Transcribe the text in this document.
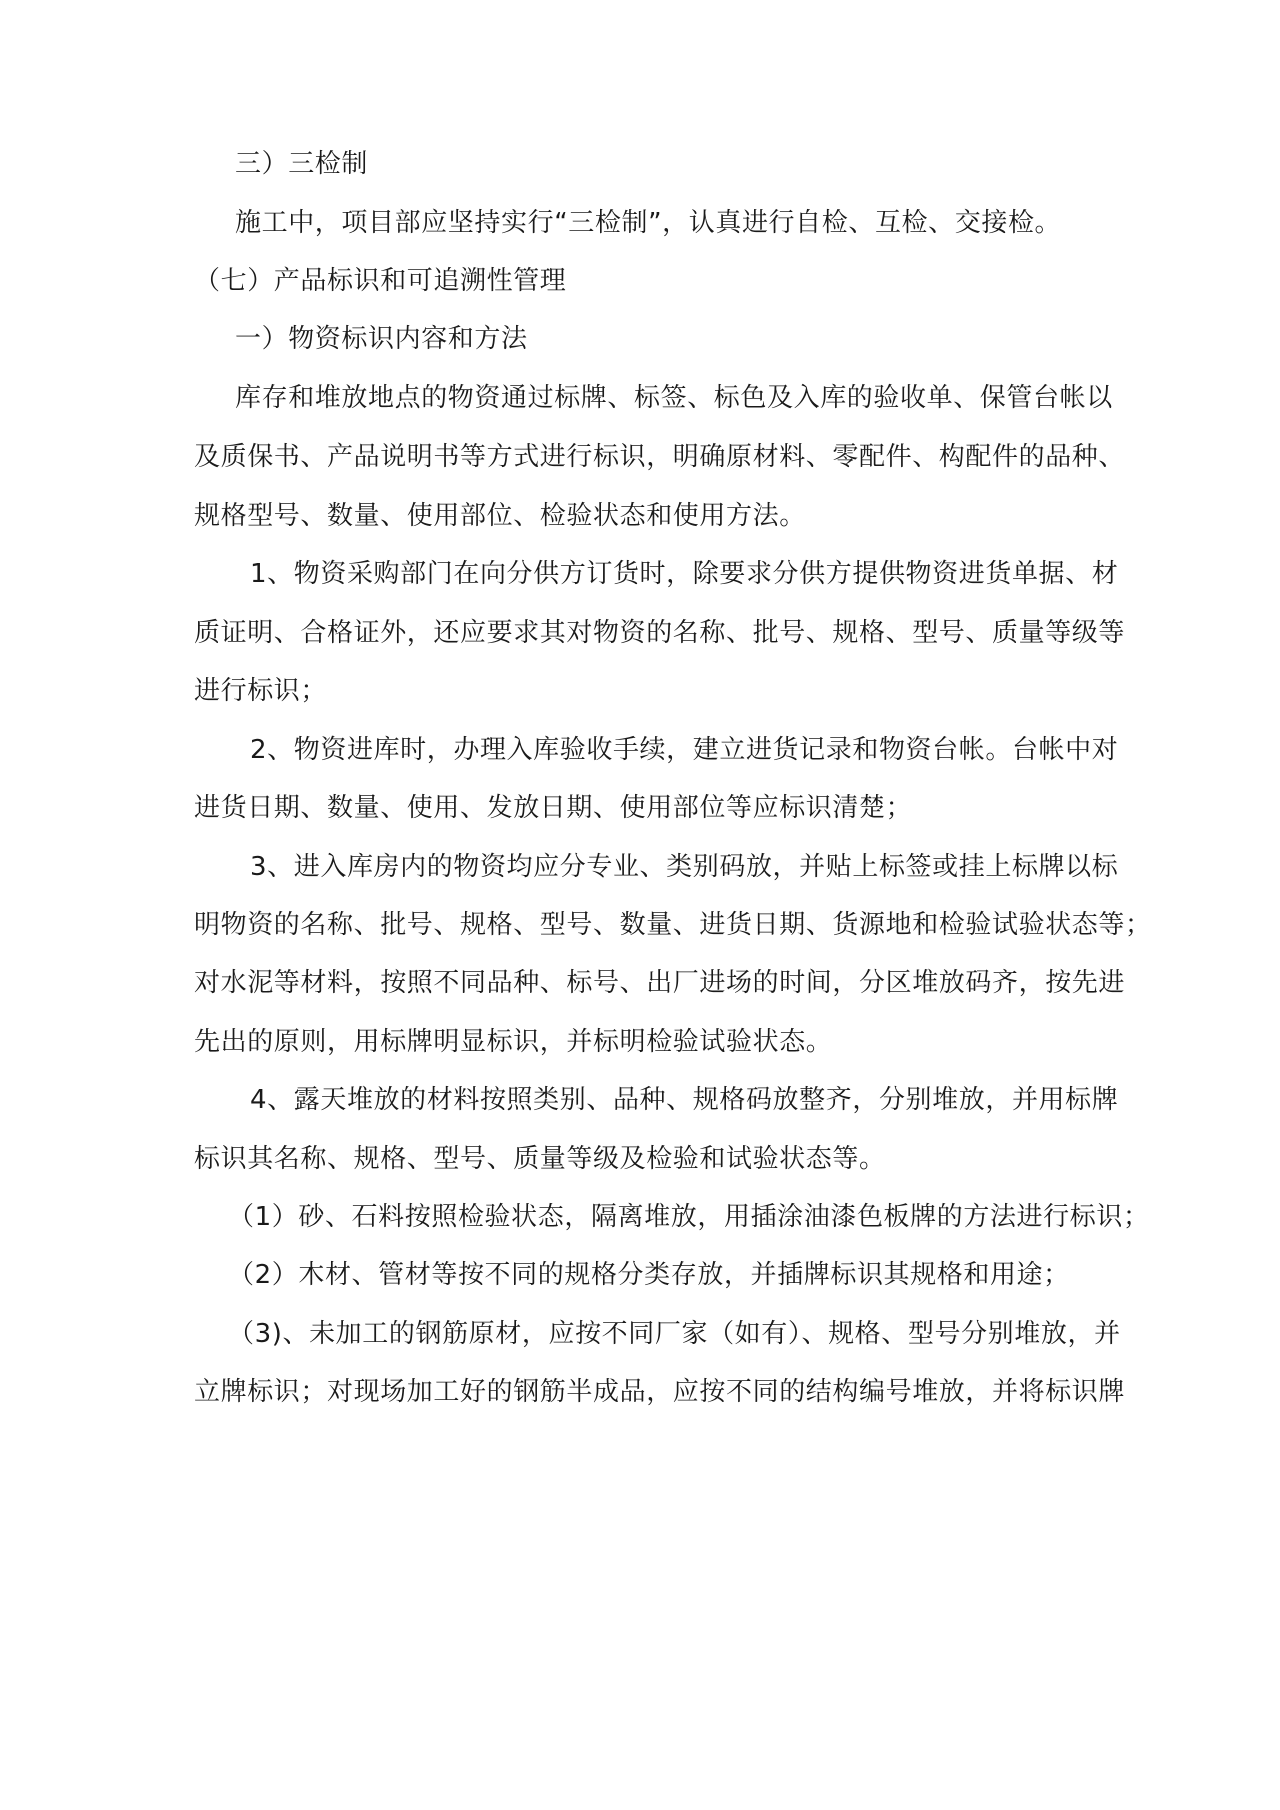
三）三检制
施工中，项目部应坚持实行“三检制”，认真进行自检、互检、交接检。
（七）产品标识和可追溯性管理
一）物资标识内容和方法
库存和堆放地点的物资通过标牌、标签、标色及入库的验收单、保管台帐以
及质保书、产品说明书等方式进行标识，明确原材料、零配件、构配件的品种、
规格型号、数量、使用部位、检验状态和使用方法。
1、物资采购部门在向分供方订货时，除要求分供方提供物资进货单据、材
质证明、合格证外，还应要求其对物资的名称、批号、规格、型号、质量等级等
进行标识；
2、物资进库时，办理入库验收手续，建立进货记录和物资台帐。台帐中对
进货日期、数量、使用、发放日期、使用部位等应标识清楚；
3、进入库房内的物资均应分专业、类别码放，并贴上标签或挂上标牌以标
明物资的名称、批号、规格、型号、数量、进货日期、货源地和检验试验状态等；
对水泥等材料，按照不同品种、标号、出厂进场的时间，分区堆放码齐，按先进
先出的原则，用标牌明显标识，并标明检验试验状态。
4、露天堆放的材料按照类别、品种、规格码放整齐，分别堆放，并用标牌
标识其名称、规格、型号、质量等级及检验和试验状态等。
（1）砂、石料按照检验状态，隔离堆放，用插涂油漆色板牌的方法进行标识；
（2）木材、管材等按不同的规格分类存放，并插牌标识其规格和用途；
（3)、未加工的钢筋原材，应按不同厂家（如有）、规格、型号分别堆放，并
立牌标识；对现场加工好的钢筋半成品，应按不同的结构编号堆放，并将标识牌
